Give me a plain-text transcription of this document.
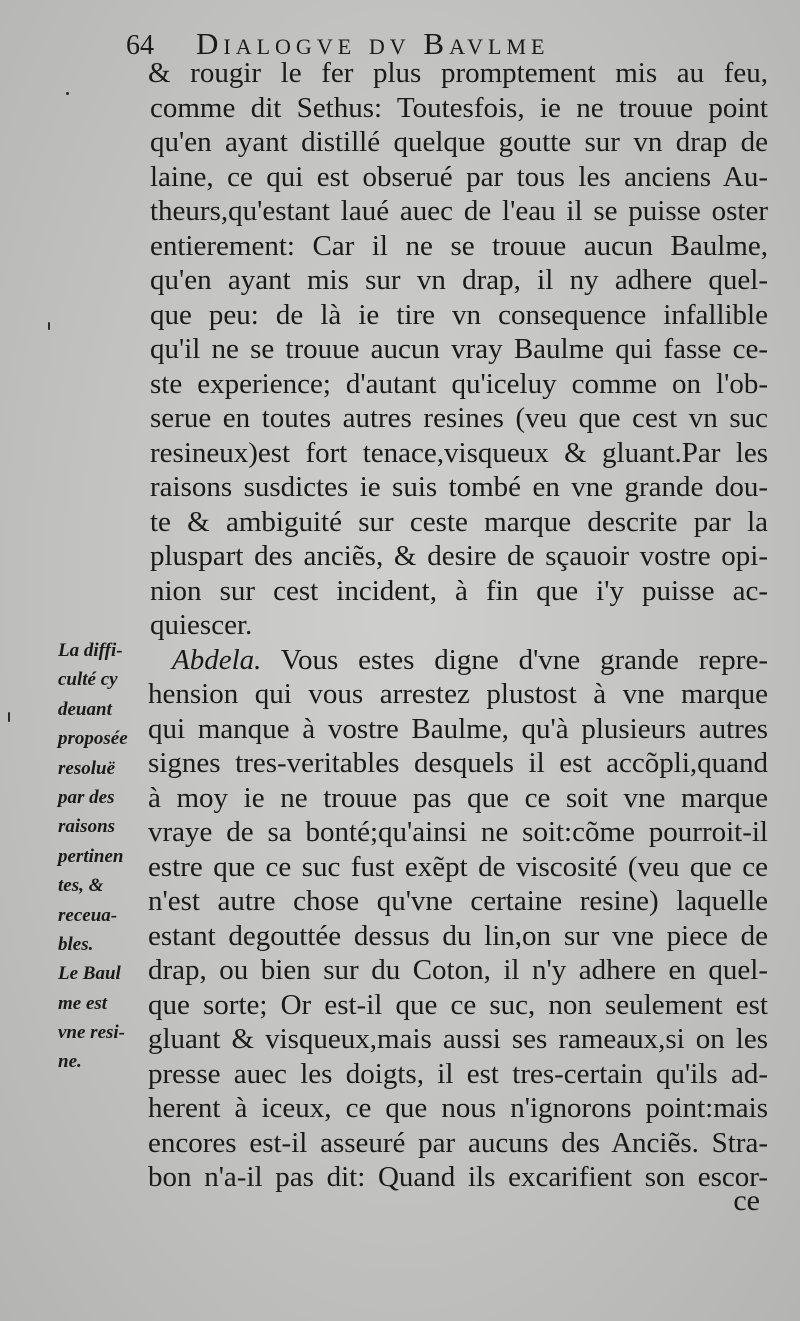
64 Dialogve dv Bavlme
& rougir le fer plus promptement mis au feu,
comme dit Sethus: Toutesfois, ie ne trouue point
qu'en ayant distillé quelque goutte sur vn drap de
laine, ce qui est obserué par tous les anciens Au-
theurs,qu'estant laué auec de l'eau il se puisse oster
entierement: Car il ne se trouue aucun Baulme,
qu'en ayant mis sur vn drap, il ny adhere quel-
que peu: de là ie tire vn consequence infallible
qu'il ne se trouue aucun vray Baulme qui fasse ce-
ste experience; d'autant qu'iceluy comme on l'ob-
serue en toutes autres resines (veu que cest vn suc
resineux)est fort tenace,visqueux & gluant.Par les
raisons susdictes ie suis tombé en vne grande dou-
te & ambiguité sur ceste marque descrite par la
pluspart des anciẽs, & desire de sçauoir vostre opi-
nion sur cest incident, à fin que i'y puisse ac-
quiescer.
Abdela. Vous estes digne d'vne grande repre-
hension qui vous arrestez plustost à vne marque
qui manque à vostre Baulme, qu'à plusieurs autres
signes tres-veritables desquels il est accõpli,quand
à moy ie ne trouue pas que ce soit vne marque
vraye de sa bonté;qu'ainsi ne soit:cõme pourroit-il
estre que ce suc fust exẽpt de viscosité (veu que ce
n'est autre chose qu'vne certaine resine) laquelle
estant degouttée dessus du lin,on sur vne piece de
drap, ou bien sur du Coton, il n'y adhere en quel-
que sorte; Or est-il que ce suc, non seulement est
gluant & visqueux,mais aussi ses rameaux,si on les
presse auec les doigts, il est tres-certain qu'ils ad-
herent à iceux, ce que nous n'ignorons point:mais
encores est-il asseuré par aucuns des Anciẽs. Stra-
bon n'a-il pas dit: Quand ils excarifient son escor-
La diffi-
culté cy
deuant
proposée
resoluë
par des
raisons
pertinen
tes, &
receua-
bles.
Le Baul
me est
vne resi-
ne.
ce
